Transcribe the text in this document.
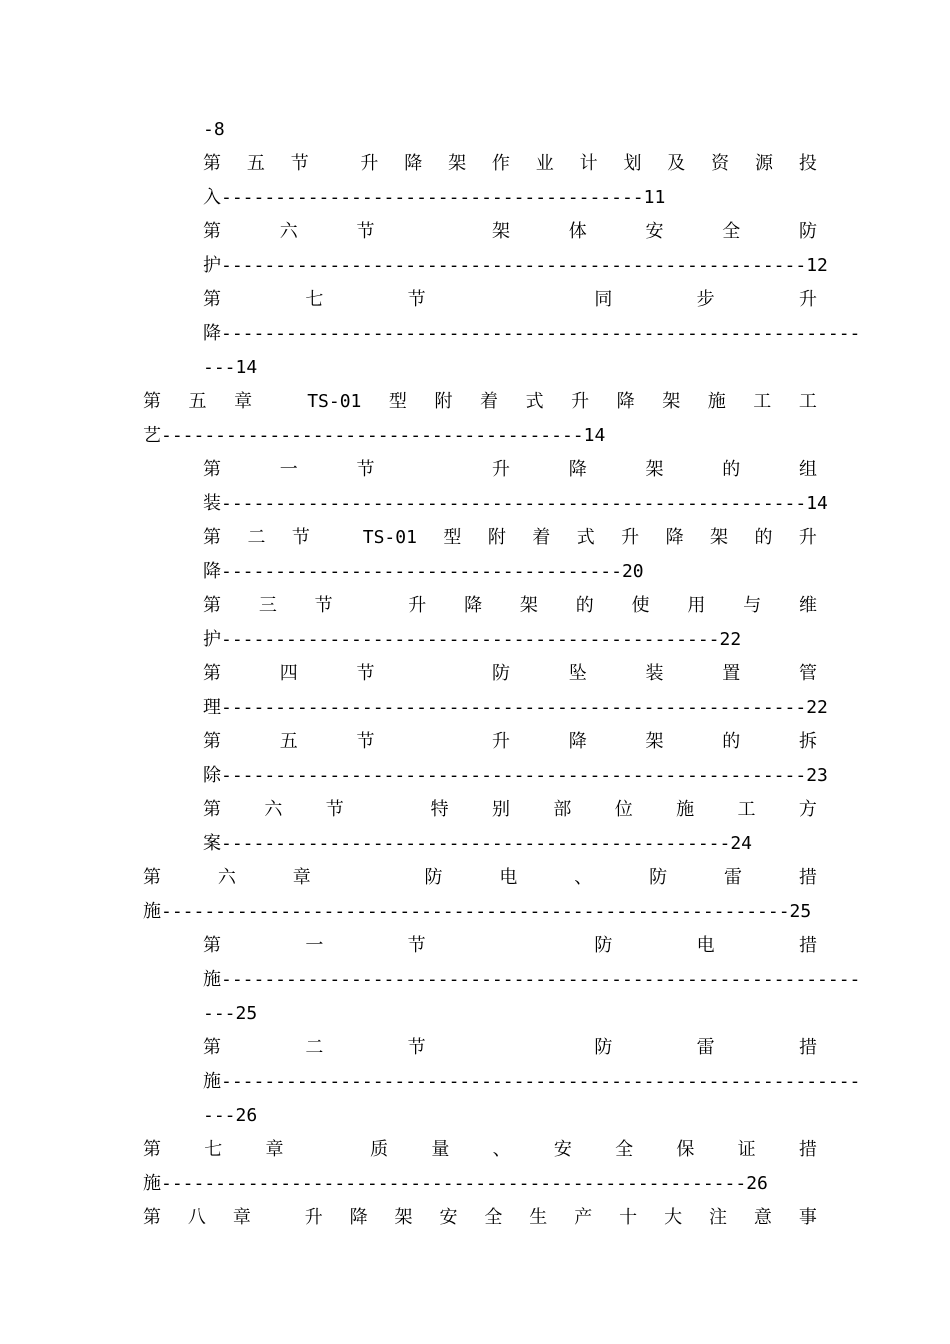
-8
第 五 节	升 降 架 作 业 计 划 及 资 源 投
入---------------------------------------11
第	六	节	架	体	安	全	防
护------------------------------------------------------12
第	七	节	同	步	升
降-----------------------------------------------------------
---14
第 五 章	TS-01 型 附 着 式 升 降 架 施 工 工
艺---------------------------------------14
第	一	节	升	降	架	的	组
装------------------------------------------------------14
第 二 节	TS-01 型 附 着 式 升 降 架 的 升
降-------------------------------------20
第 三 节	升 降 架 的 使 用 与 维
护----------------------------------------------22
第	四	节	防	坠	装	置	管
理------------------------------------------------------22
第	五	节	升	降	架	的	拆
除------------------------------------------------------23
第 六 节	特 别 部 位 施 工 方
案-----------------------------------------------24
第	六	章	防	电	、	防	雷	措
施----------------------------------------------------------25
第	一	节	防	电	措
施-----------------------------------------------------------
---25
第	二	节	防	雷	措
施-----------------------------------------------------------
---26
第 七 章	质 量 、 安 全 保 证 措
施------------------------------------------------------26
第 八 章	升 降 架 安 全 生 产 十 大 注 意 事
